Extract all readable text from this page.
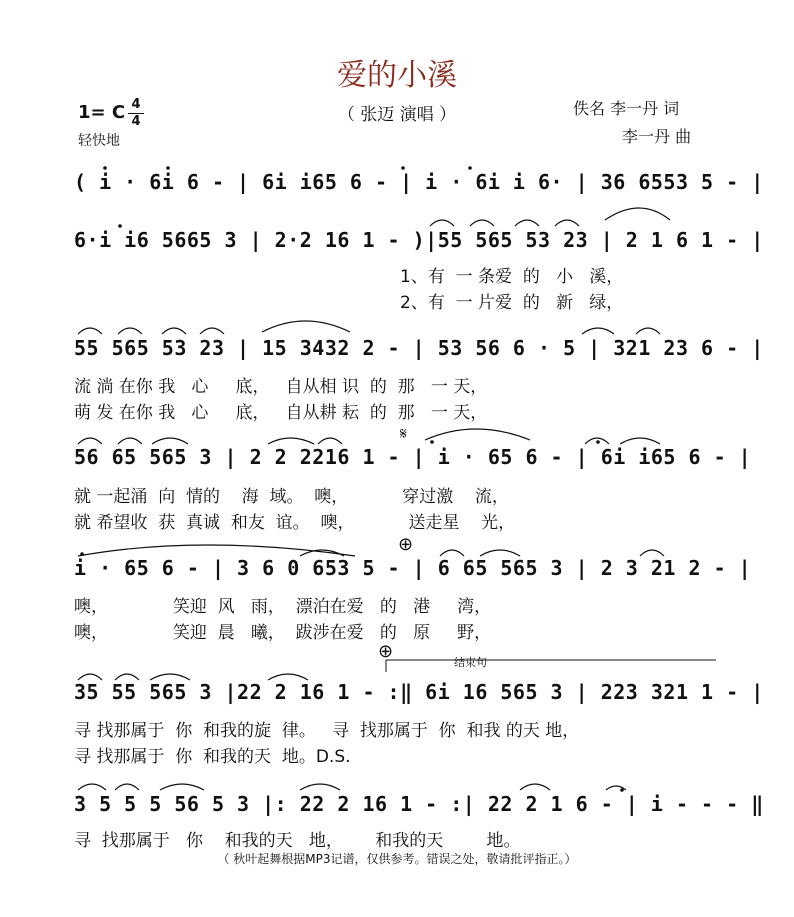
爱的小溪
（ 张迈 演唱 ）	佚名 李一丹 词
李一丹 曲
1= C 4
4
轻快地
( i · 6i 6 - | 6i i65 6 - | i · 6i i 6· | 36 6553 5 - |
6·i i6 5665 3 | 2·2 16 1 - )|55 565 53 23 | 2 1 6 1 - |
1、有  一 条爱  的   小   溪，
2、有  一 片爱  的   新   绿，
55 565 53 23 | 15 3432 2 - | 53 56 6 · 5 | 321 23 6 - |
流 淌 在你 我   心     底，   自从相 识  的  那   一 天，
萌 发 在你 我   心     底，   自从耕 耘  的  那   一 天，
𝄋
56 65 565 3 | 2 2 2216 1 - | i · 65 6 - | 6i i65 6 - |
就 一起涌  向  情的    海  域。  噢，          穿过激    流，
就 希望收  获  真诚  和友  谊。  噢，          送走星    光，
⊕
i · 65 6 - | 3 6 0 653 5 - | 6 65 565 3 | 2 3 21 2 - |
噢，            笑迎  风   雨，  漂泊在爱   的   港     湾，
噢，            笑迎  晨   曦，  跋涉在爱   的   原     野，
⊕
结束句
35 55 565 3 |22 2 16 1 - :‖ 6i 16 565 3 | 223 321 1 - |
寻 找那属于  你  和我的旋  律。   寻  找那属于  你  和我 的天 地，
寻 找那属于  你  和我的天  地。D.S.
3 5 5 5 56 5 3 |: 22 2 16 1 - :| 22 2 1 6 - | i - - - ‖
寻  找那属于   你    和我的天   地，      和我的天        地。
（ 秋叶起舞根据MP3记谱，仅供参考。错误之处，敬请批评指正。）
